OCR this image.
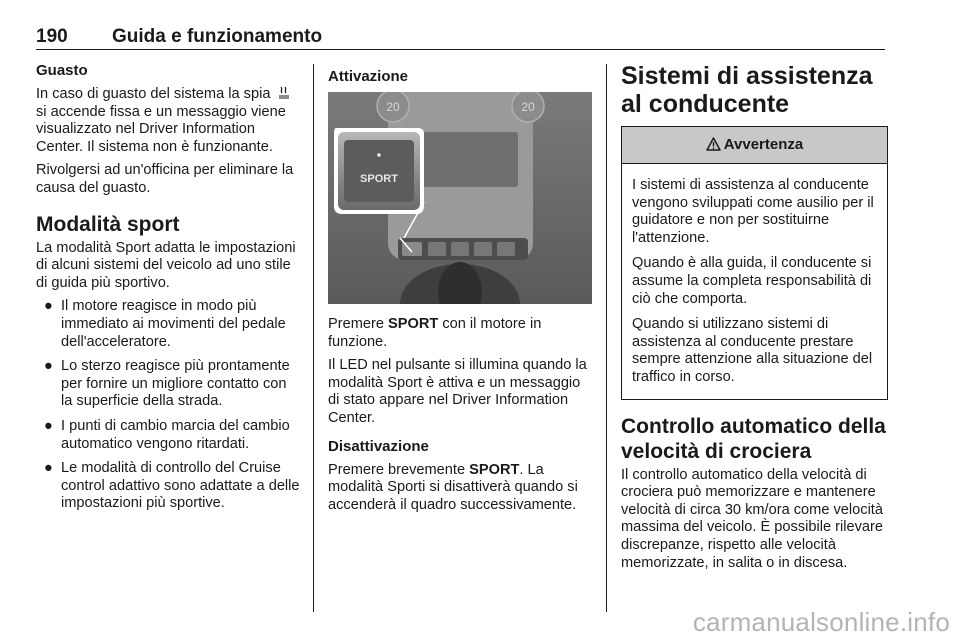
190 Guida e funzionamento
Guasto

In caso di guasto del sistema la spia  si accende fissa e un messaggio viene visualizzato nel Driver Information Center. Il sistema non è funzionante.

Rivolgersi ad un'officina per eliminare la causa del guasto.

Modalità sport

La modalità Sport adatta le impostazioni di alcuni sistemi del veicolo ad uno stile di guida più sportivo.

● Il motore reagisce in modo più immediato ai movimenti del pedale dell'acceleratore.
● Lo sterzo reagisce più prontamente per fornire un migliore contatto con la superficie della strada.
● I punti di cambio marcia del cambio automatico vengono ritardati.
● Le modalità di controllo del Cruise control adattivo sono adattate a delle impostazioni più sportive.
Attivazione
20	20
SPORT

Premere SPORT con il motore in funzione.

Il LED nel pulsante si illumina quando la modalità Sport è attiva e un messaggio di stato appare nel Driver Information Center.

Disattivazione

Premere brevemente SPORT. La modalità Sporti si disattiverà quando si accenderà il quadro successivamente.

Sistemi di assistenza al conducente
Avvertenza

I sistemi di assistenza al conducente vengono sviluppati come ausilio per il guidatore e non per sostituirne l'attenzione.

Quando è alla guida, il conducente si assume la completa responsabilità di ciò che comporta.

Quando si utilizzano sistemi di assistenza al conducente prestare sempre attenzione alla situazione del traffico in corso.

Controllo automatico della velocità di crociera

Il controllo automatico della velocità di crociera può memorizzare e mantenere velocità di circa 30 km/ora come velocità massima del veicolo. È possibile rilevare discrepanze, rispetto alle velocità memorizzate, in salita o in discesa.

carmanualsonline.info
